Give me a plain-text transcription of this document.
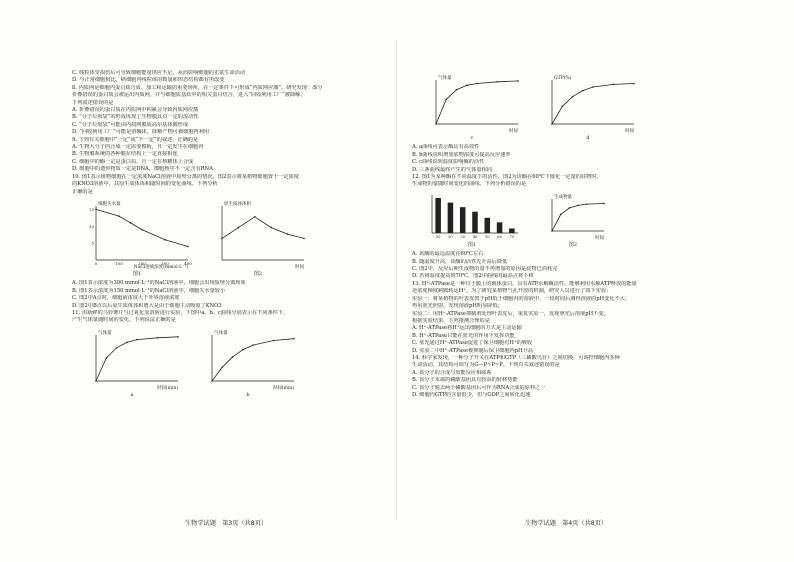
C. 线粒体受损伤后可导致细胞能量供应不足，从而影响细胞的正常生命活动
D. 与正常细胞相比，癌细胞内线粒体的数量和形态结构都有所改变
8. 内质网是细胞内蛋白质合成、加工和运输的重要场所，在一定条件下可形成“内质网应激”。研究发现：部分
折叠错误的蛋白质会被运出内质网，并与细胞质基质中的相关蛋白结合，进入“回收利用工厂”被降解。
下列叙述错误的是
A. 折叠错误的蛋白质在内质网中积累会导致内质网应激
B. “分子垃圾袋”的形成体现了生物膜具有一定的流动性
C. “分子垃圾袋”可能由内质网膜或高尔基体膜形成
D. “回收利用工厂”可能是溶酶体，降解产物可被细胞再利用
9. 下列有关细胞中“一定”或“不一定”的叙述，正确的是
A. 生物大分子的合成一定需要模板，且一定发生在细胞内
B. 生物膜系统的各种膜在结构上一定直接相连
C. 细胞中的酶一定是蛋白质，且一定在核糖体上合成
D. 细胞中的遗传物质一定是DNA，细胞核中不一定含有RNA
10. 图1表示植物细胞在一定浓度NaCl溶液中质壁分离的情况，图2表示将某植物细胞置于一定浓度
的KNO3溶液中，其原生质体体积随时间的变化曲线。下列分析
正确的是
细胞失水量
NaCl溶液浓度(mmol·L⁻¹)
15
10
5
0	100	200	300	400
图1
原生质体体积
时间
图2
A. 图1表示浓度为300 mmol·L⁻¹的NaCl溶液中，细胞会出现质壁分离现象
B. 图1表示浓度为150 mmol·L⁻¹的NaCl溶液中，细胞失水量较小
C. 图2中A点时，细胞液浓度大于外界溶液浓度
D. 图2中B点以后原生质体体积增大是由于细胞主动吸收了KNO3
11. 用新鲜的马铃薯片与过氧化氢溶液进行实验，下图中a、b、c曲线分别表示在不同条件下，
产生气体量随时间的变化，下列说法正确的是
气体量
时间(min)
a
气体量
时间(min)
b
生物学试题　第3页（共8页）
气体量
时间
c
GTP(%)
时间
d
A. a曲线可表示酶具有高效性
B. b曲线说明增加底物浓度可提高反应速率
C. c曲线说明温度影响酶的活性
D. 三条曲线最终产生的气体量相同
12. 图1为某种酶在不同温度下的活性，图2为该酶在60℃下催化一定量的底物时，
生成物的量随时间变化的曲线。下列分析错误的是
10 20 30 40 50 60 70
图1
生成物量
时间
图2
A. 该酶的最适温度在60℃左右
B. 随温度升高，该酶的活性先升高后降低
C. 图2中，反应后期生成物的量不再增加的原因是底物已消耗完
D. 若将温度提高到70℃，图2中曲线的最高点将下移
13. H⁺-ATPase是一种位于膜上的载体蛋白，具有ATP水解酶活性，能够利用水解ATP释放的能量
逆浓度梯度跨膜转运H⁺。为了研究某植物气孔开放的机制，研究人员进行了如下实验：
实验一：将某植物的叶表皮置于pH低于细胞内的溶液中，一段时间后测得溶液的pH变化不大；
再用蓝光照射，发现溶液pH明显降低；
实验二：用H⁺-ATPase抑制剂处理叶表皮后，重复实验一，发现照光后溶液pH不变。
根据实验结果，下列推测合理的是
A. H⁺-ATPase将H⁺运出细胞的方式是主动运输
B. H⁺-ATPase只能在蓝光的作用下发挥功能
C. 蓝光通过H⁺-ATPase促进了保卫细胞对H⁺的吸收
D. 实验二中H⁺-ATPase被抑制后保卫细胞内pH升高
14. 科学家发现，一种分子开关在ATP和GTP（三磷酸鸟苷）之间切换，可调控细胞内多种
生命活动，其结构可简写为G—P~P~P。下列有关叙述错误的是
A. 该分子的合成与放能反应相联系
B. 该分子末端的磷酸基团具有较高的转移势能
C. 该分子脱去两个磷酸基团后可作为RNA合成的原料之一
D. 细胞内GTP的含量很少，但与GDP之间转化迅速
生物学试题　第4页（共8页）
